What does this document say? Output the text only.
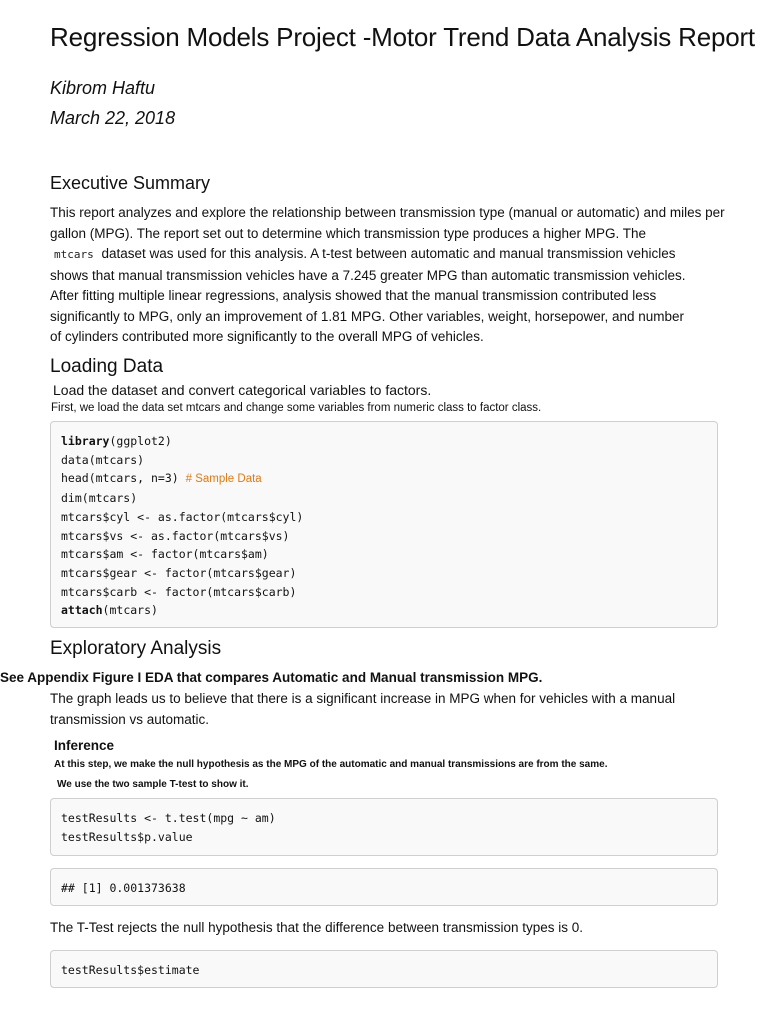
Regression Models Project -Motor Trend Data Analysis Report
Kibrom Haftu
March 22, 2018
Executive Summary
This report analyzes and explore the relationship between transmission type (manual or automatic) and miles per
gallon (MPG). The report set out to determine which transmission type produces a higher MPG. The
mtcars dataset was used for this analysis. A t-test between automatic and manual transmission vehicles
shows that manual transmission vehicles have a 7.245 greater MPG than automatic transmission vehicles.
After fitting multiple linear regressions, analysis showed that the manual transmission contributed less
significantly to MPG, only an improvement of 1.81 MPG. Other variables, weight, horsepower, and number
of cylinders contributed more significantly to the overall MPG of vehicles.
Loading Data
Load the dataset and convert categorical variables to factors.
First, we load the data set mtcars and change some variables from numeric class to factor class.
library(ggplot2)
data(mtcars)
head(mtcars, n=3) # Sample Data
dim(mtcars)
mtcars$cyl <- as.factor(mtcars$cyl)
mtcars$vs <- as.factor(mtcars$vs)
mtcars$am <- factor(mtcars$am)
mtcars$gear <- factor(mtcars$gear)
mtcars$carb <- factor(mtcars$carb)
attach(mtcars)
Exploratory Analysis
See Appendix Figure I EDA that compares Automatic and Manual transmission MPG.
The graph leads us to believe that there is a significant increase in MPG when for vehicles with a manual
transmission vs automatic.
Inference
At this step, we make the null hypothesis as the MPG of the automatic and manual transmissions are from the same.
We use the two sample T-test to show it.
testResults <- t.test(mpg ~ am)
testResults$p.value
## [1] 0.001373638
The T-Test rejects the null hypothesis that the difference between transmission types is 0.
testResults$estimate
